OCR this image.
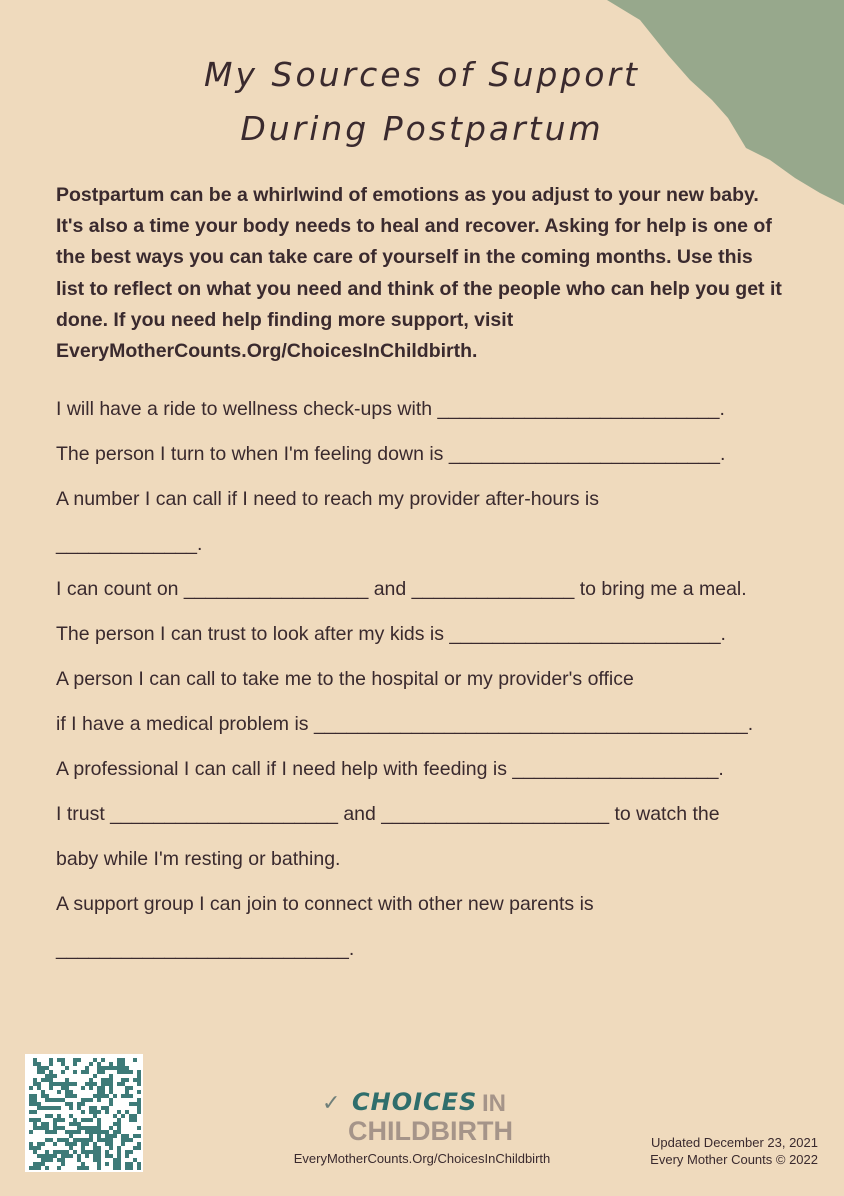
My Sources of Support
During Postpartum
Postpartum can be a whirlwind of emotions as you adjust to your new baby. It's also a time your body needs to heal and recover. Asking for help is one of the best ways you can take care of yourself in the coming months. Use this list to reflect on what you need and think of the people who can help you get it done. If you need help finding more support, visit EveryMotherCounts.Org/ChoicesInChildbirth.
I will have a ride to wellness check-ups with __________________________.
The person I turn to when I'm feeling down is _________________________.
A number I can call if I need to reach my provider after-hours is
_____________.
I can count on _________________ and _______________ to bring me a meal.
The person I can trust to look after my kids is _________________________.
A person I can call to take me to the hospital or my provider's office
if I have a medical problem is ________________________________________.
A professional I can call if I need help with feeding is ___________________.
I trust _____________________ and _____________________ to watch the
baby while I'm resting or bathing.
A support group I can join to connect with other new parents is
___________________________.
✓ CHOICES IN
CHILDBIRTH
EveryMotherCounts.Org/ChoicesInChildbirth
Updated December 23, 2021
Every Mother Counts © 2022
